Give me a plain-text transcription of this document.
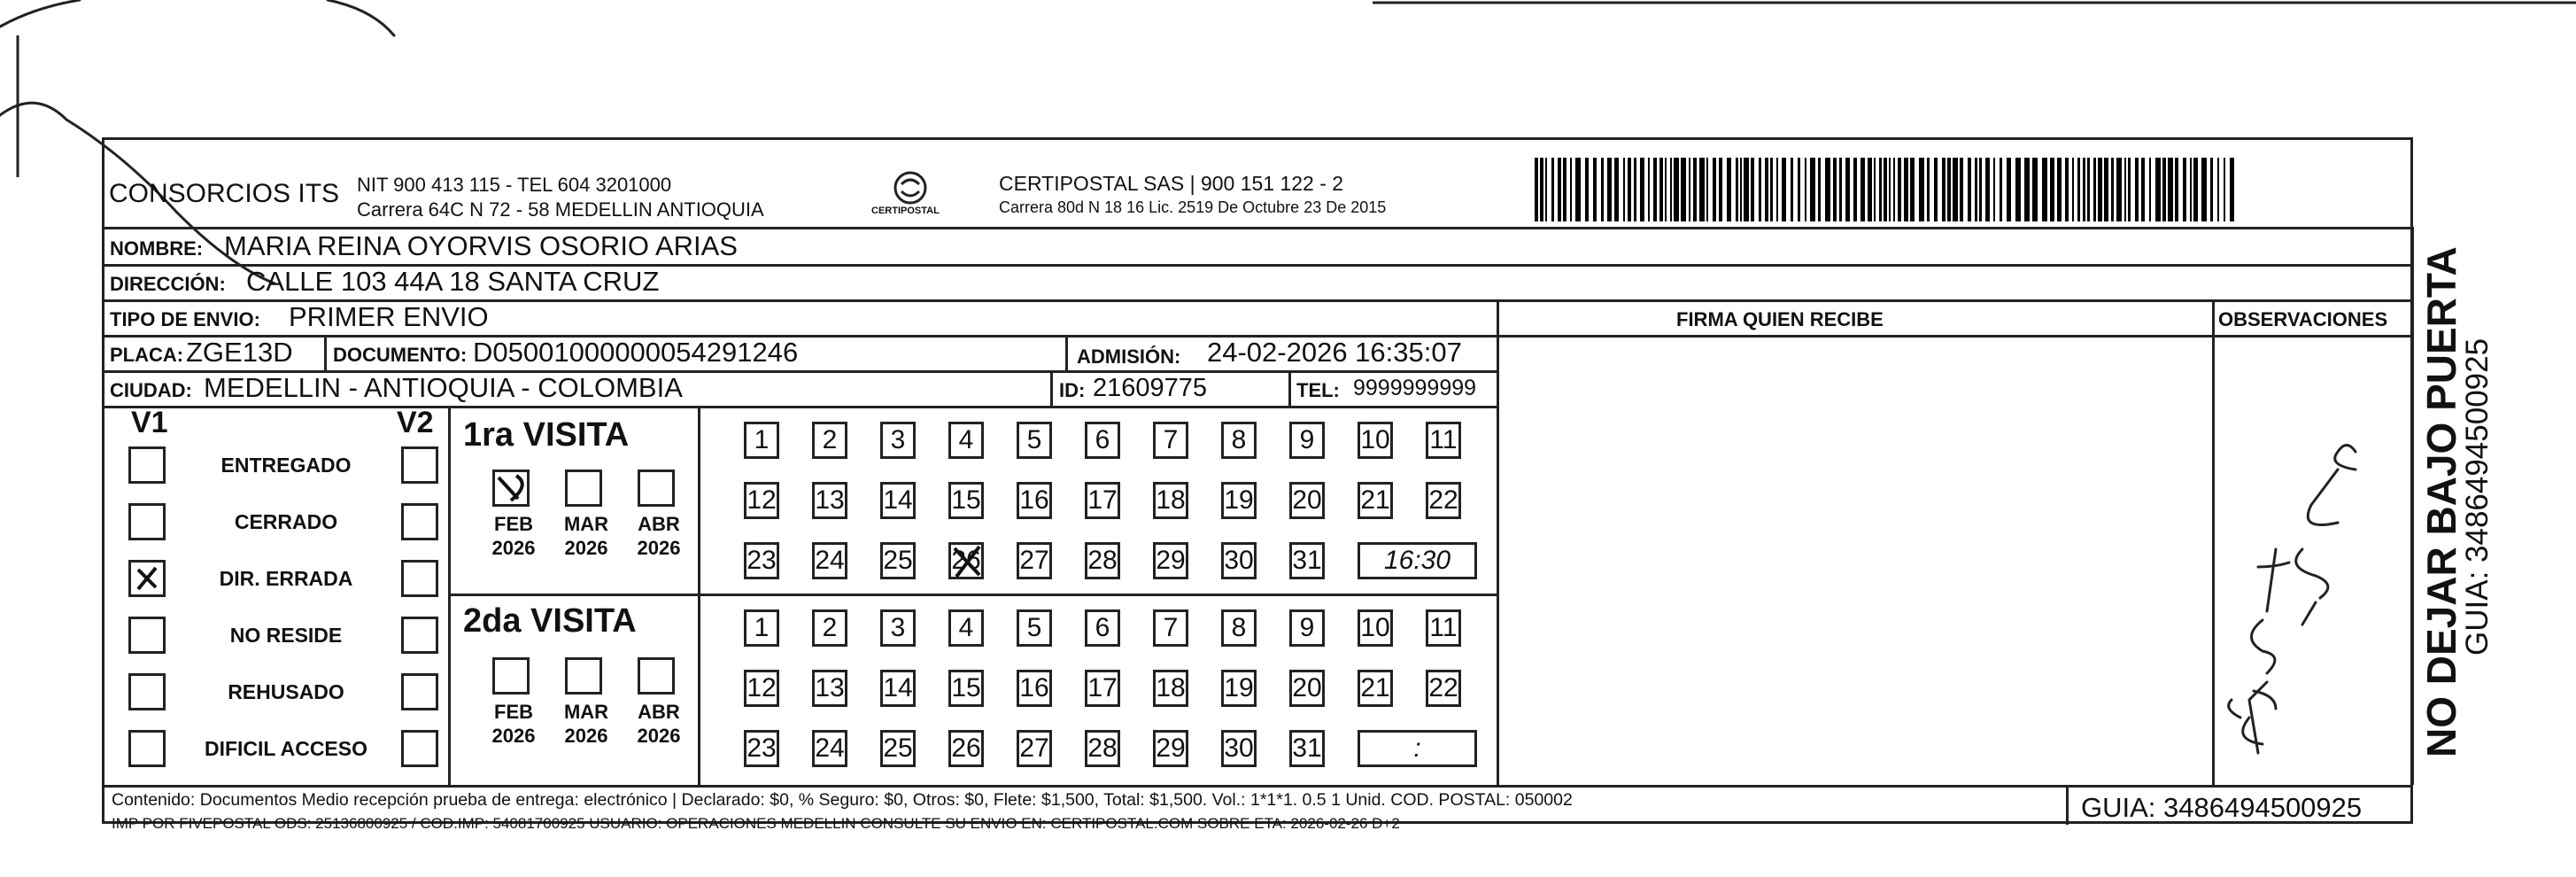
CONSORCIOS ITS NIT 900 413 115 - TEL 604 3201000
Carrera 64C N 72 - 58 MEDELLIN ANTIOQUIA	CERTIPOSTAL
CERTIPOSTAL SAS | 900 151 122 - 2
Carrera 80d N 18 16 Lic. 2519 De Octubre 23 De 2015
NOMBRE: MARIA REINA OYORVIS OSORIO ARIAS
DIRECCIÓN: CALLE 103 44A 18 SANTA CRUZ
TIPO DE ENVIO: PRIMER ENVIO	FIRMA QUIEN RECIBE	OBSERVACIONES
PLACA: ZGE13D DOCUMENTO: D05001000000054291246	ADMISIÓN: 24-02-2026 16:35:07
CIUDAD: MEDELLIN - ANTIOQUIA - COLOMBIA	ID: 21609775	TEL: 9999999999
V1	V2 1ra VISITA
2da VISITA
Contenido: Documentos Medio recepción prueba de entrega: electrónico | Declarado: $0, % Seguro: $0, Otros: $0, Flete: $1,500, Total: $1,500. Vol.: 1*1*1. 0.5 1 Unid. COD. POSTAL: 050002
IMP POR FIVEPOSTAL ODS: 25136800925 / COD.IMP: 54081700925 USUARIO: OPERACIONES MEDELLIN CONSULTE SU ENVIO EN: CERTIPOSTAL.COM SOBRE ETA: 2026-02-26 D+2
GUIA: 3486494500925
ENTREGADO
CERRADO
DIR. ERRADA
NO RESIDE
REHUSADO
DIFICIL ACCESO
FEB
2026
MAR
2026
ABR
2026
1	2	3	4	5	6	7	8	9	10 11
12 13 14 15 16 17 18 19 20 21 22
23 24 25 26 27 28 29 30 31	16:30
FEB
2026
MAR
2026
ABR
2026
1	2	3	4	5	6	7	8	9	10 11
12 13 14 15 16 17 18 19 20 21 22
23 24 25 26 27 28 29 30 31	:	NO DEJAR BAJO PUERTA
GUIA: 3486494500925
